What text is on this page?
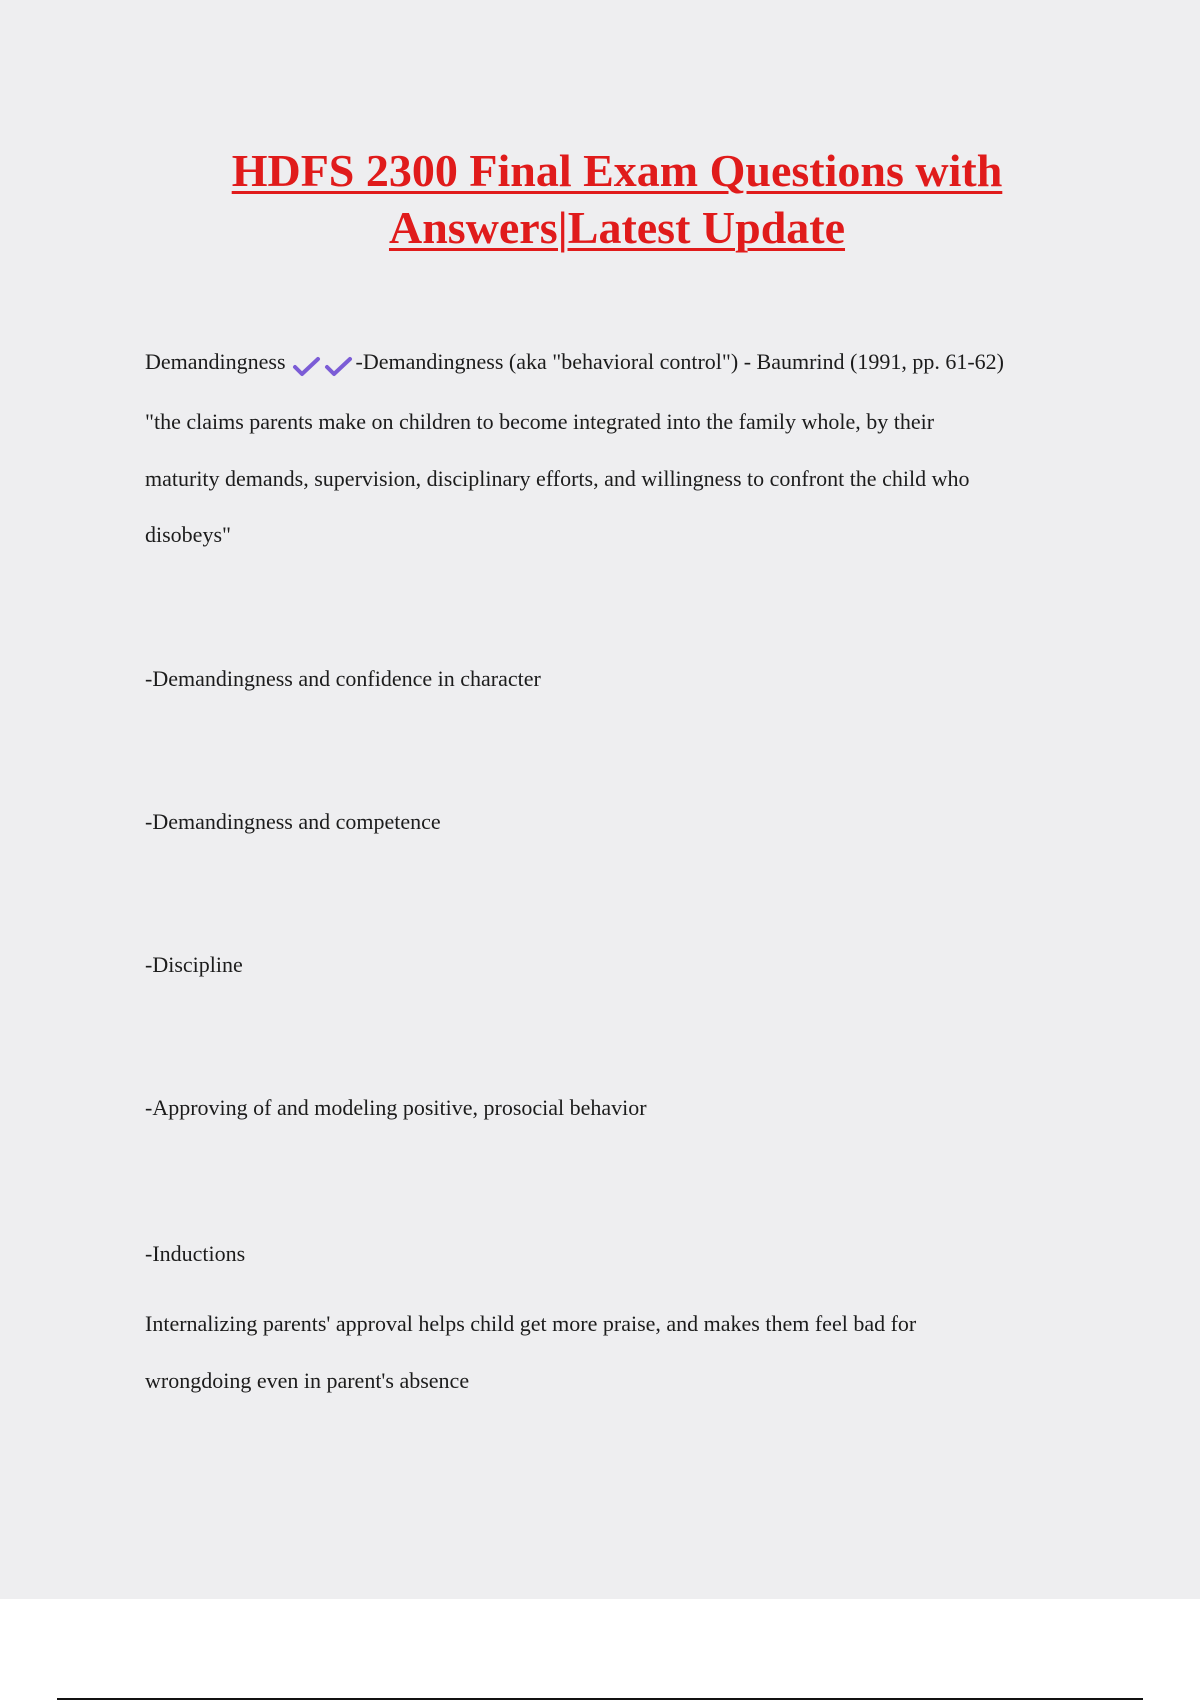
HDFS 2300 Final Exam Questions with
Answers|Latest Update
Demandingness	-Demandingness (aka "behavioral control") - Baumrind (1991, pp. 61-62)
"the claims parents make on children to become integrated into the family whole, by their
maturity demands, supervision, disciplinary efforts, and willingness to confront the child who
disobeys"
-Demandingness and confidence in character
-Demandingness and competence
-Discipline
-Approving of and modeling positive, prosocial behavior
-Inductions
Internalizing parents' approval helps child get more praise, and makes them feel bad for
wrongdoing even in parent's absence
